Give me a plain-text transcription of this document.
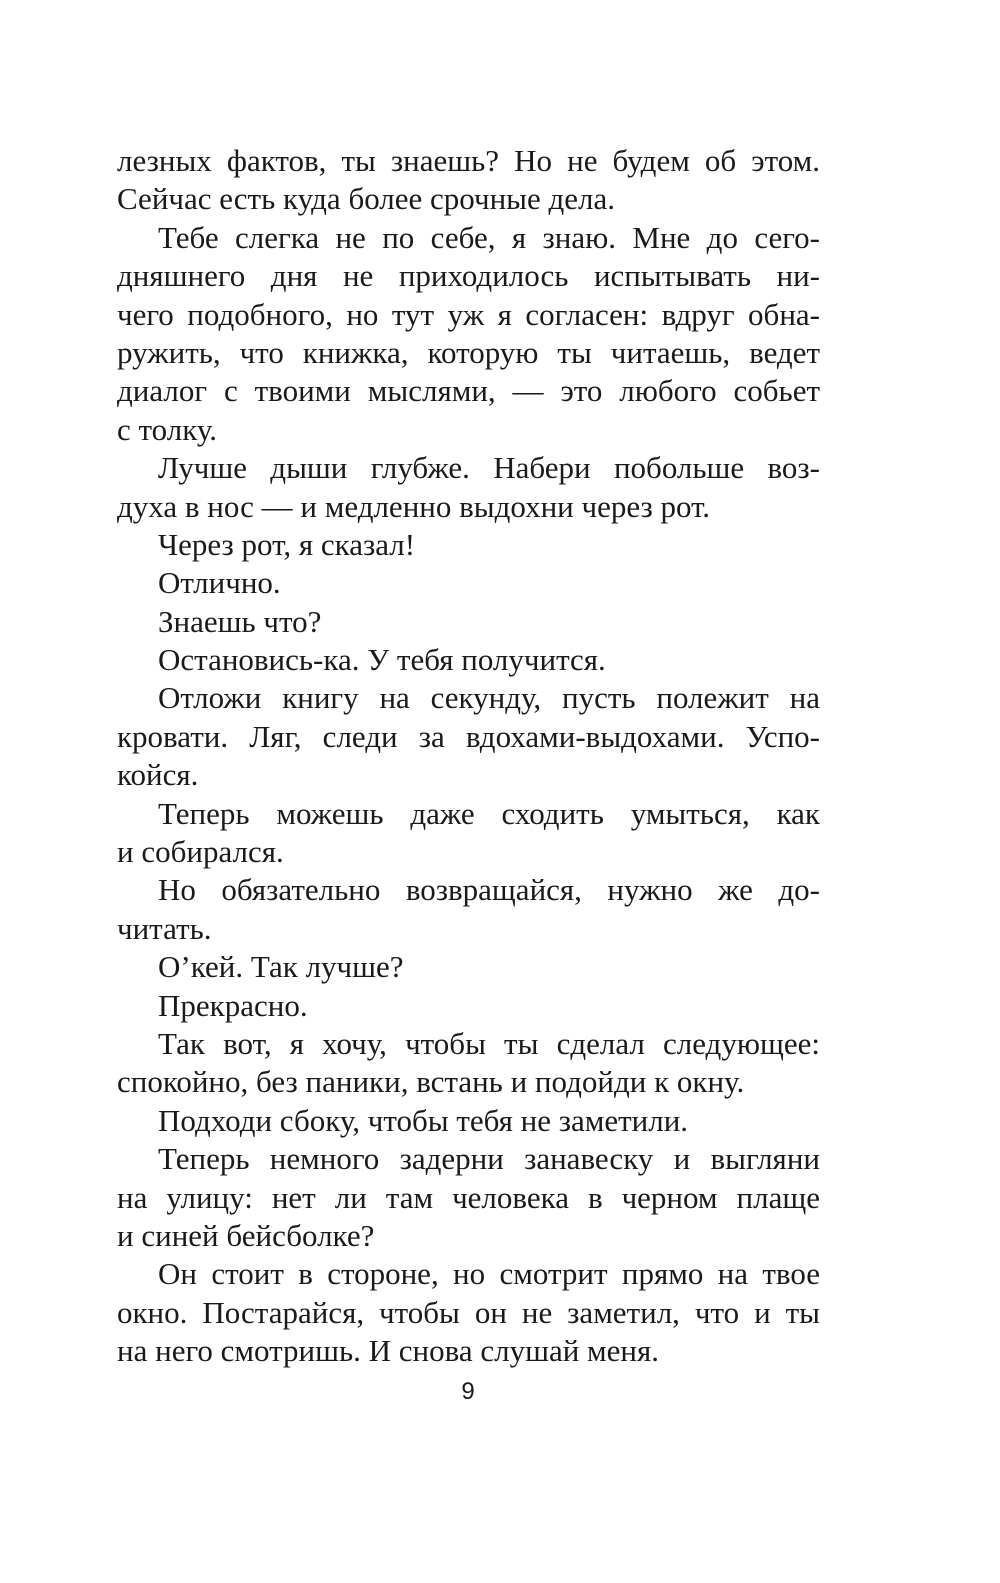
лезных фактов, ты знаешь? Но не будем об этом.
Сейчас есть куда более срочные дела.
Тебе слегка не по себе, я знаю. Мне до сего-
дняшнего дня не приходилось испытывать ни-
чего подобного, но тут уж я согласен: вдруг обна-
ружить, что книжка, которую ты читаешь, ведет
диалог с твоими мыслями, — это любого собьет
с толку.
Лучше дыши глубже. Набери побольше воз-
духа в нос — и медленно выдохни через рот.
Через рот, я сказал!
Отлично.
Знаешь что?
Остановись-ка. У тебя получится.
Отложи книгу на секунду, пусть полежит на
кровати. Ляг, следи за вдохами-выдохами. Успо-
койся.
Теперь можешь даже сходить умыться, как
и собирался.
Но обязательно возвращайся, нужно же до-
читать.
О’кей. Так лучше?
Прекрасно.
Так вот, я хочу, чтобы ты сделал следующее:
спокойно, без паники, встань и подойди к окну.
Подходи сбоку, чтобы тебя не заметили.
Теперь немного задерни занавеску и выгляни
на улицу: нет ли там человека в черном плаще
и синей бейсболке?
Он стоит в стороне, но смотрит прямо на твое
окно. Постарайся, чтобы он не заметил, что и ты
на него смотришь. И снова слушай меня.
9
